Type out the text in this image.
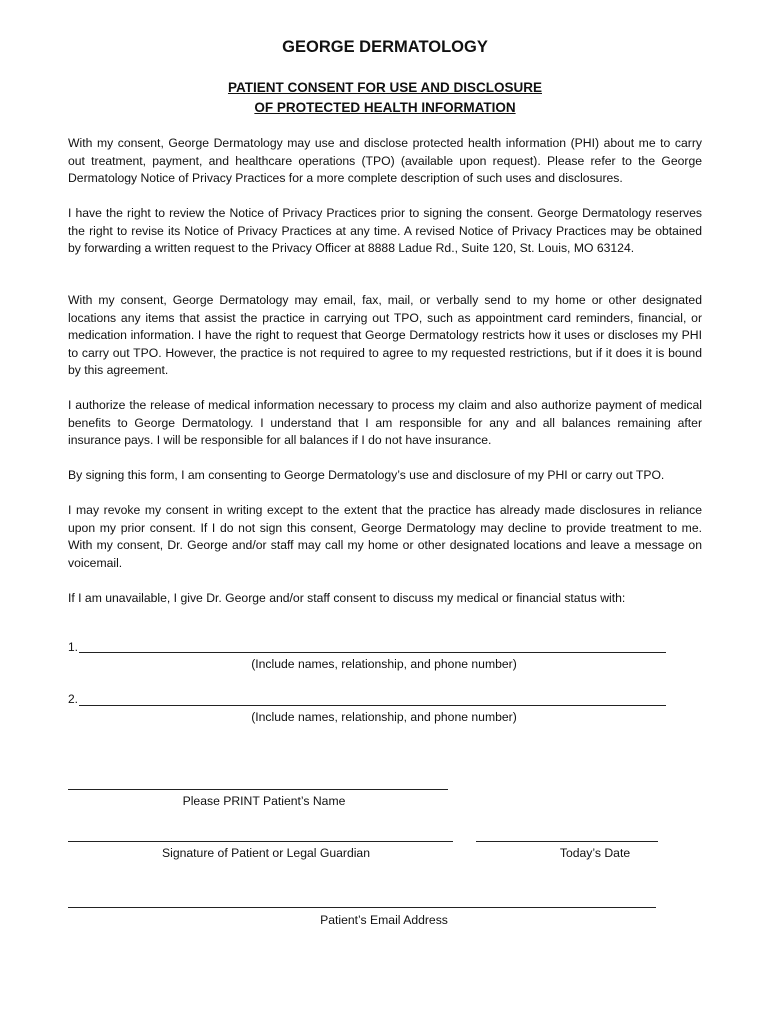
GEORGE DERMATOLOGY
PATIENT CONSENT FOR USE AND DISCLOSURE
OF PROTECTED HEALTH INFORMATION

With my consent, George Dermatology may use and disclose protected health information (PHI) about me to carry out treatment, payment, and healthcare operations (TPO) (available upon request). Please refer to the George Dermatology Notice of Privacy Practices for a more complete description of such uses and disclosures.

I have the right to review the Notice of Privacy Practices prior to signing the consent. George Dermatology reserves the right to revise its Notice of Privacy Practices at any time. A revised Notice of Privacy Practices may be obtained by forwarding a written request to the Privacy Officer at 8888 Ladue Rd., Suite 120, St. Louis, MO 63124.

With my consent, George Dermatology may email, fax, mail, or verbally send to my home or other designated locations any items that assist the practice in carrying out TPO, such as appointment card reminders, financial, or medication information. I have the right to request that George Dermatology restricts how it uses or discloses my PHI to carry out TPO. However, the practice is not required to agree to my requested restrictions, but if it does it is bound by this agreement.

I authorize the release of medical information necessary to process my claim and also authorize payment of medical benefits to George Dermatology. I understand that I am responsible for any and all balances remaining after insurance pays. I will be responsible for all balances if I do not have insurance.

By signing this form, I am consenting to George Dermatology’s use and disclosure of my PHI or carry out TPO.

I may revoke my consent in writing except to the extent that the practice has already made disclosures in reliance upon my prior consent. If I do not sign this consent, George Dermatology may decline to provide treatment to me. With my consent, Dr. George and/or staff may call my home or other designated locations and leave a message on voicemail.

If I am unavailable, I give Dr. George and/or staff consent to discuss my medical or financial status with:

1.
(Include names, relationship, and phone number)
2.
(Include names, relationship, and phone number)
Please PRINT Patient’s Name
Signature of Patient or Legal Guardian	Today’s Date
Patient’s Email Address
